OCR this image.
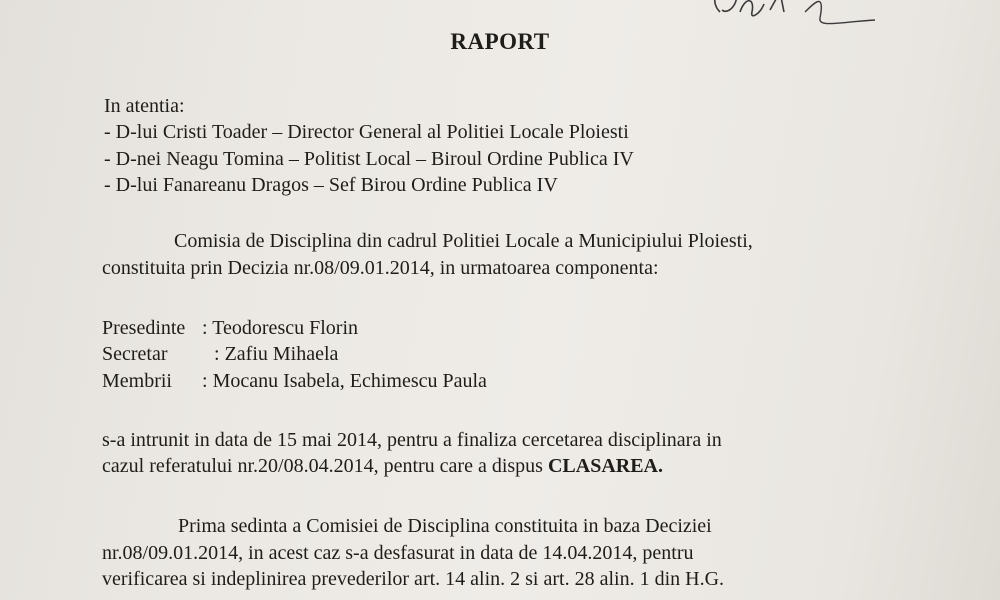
RAPORT
In atentia:
- D-lui Cristi Toader – Director General al Politiei Locale Ploiesti
- D-nei Neagu Tomina – Politist Local – Biroul Ordine Publica IV
- D-lui Fanareanu Dragos – Sef Birou Ordine Publica IV
Comisia de Disciplina din cadrul Politiei Locale a Municipiului Ploiesti,
constituita prin Decizia nr.08/09.01.2014, in urmatoarea componenta:
Presedinte : Teodorescu Florin
Secretar : Zafiu Mihaela
Membrii : Mocanu Isabela, Echimescu Paula
s-a intrunit in data de 15 mai 2014, pentru a finaliza cercetarea disciplinara in
cazul referatului nr.20/08.04.2014, pentru care a dispus CLASAREA.
Prima sedinta a Comisiei de Disciplina constituita in baza Deciziei
nr.08/09.01.2014, in acest caz s-a desfasurat in data de 14.04.2014, pentru
verificarea si indeplinirea prevederilor art. 14 alin. 2 si art. 28 alin. 1 din H.G.
